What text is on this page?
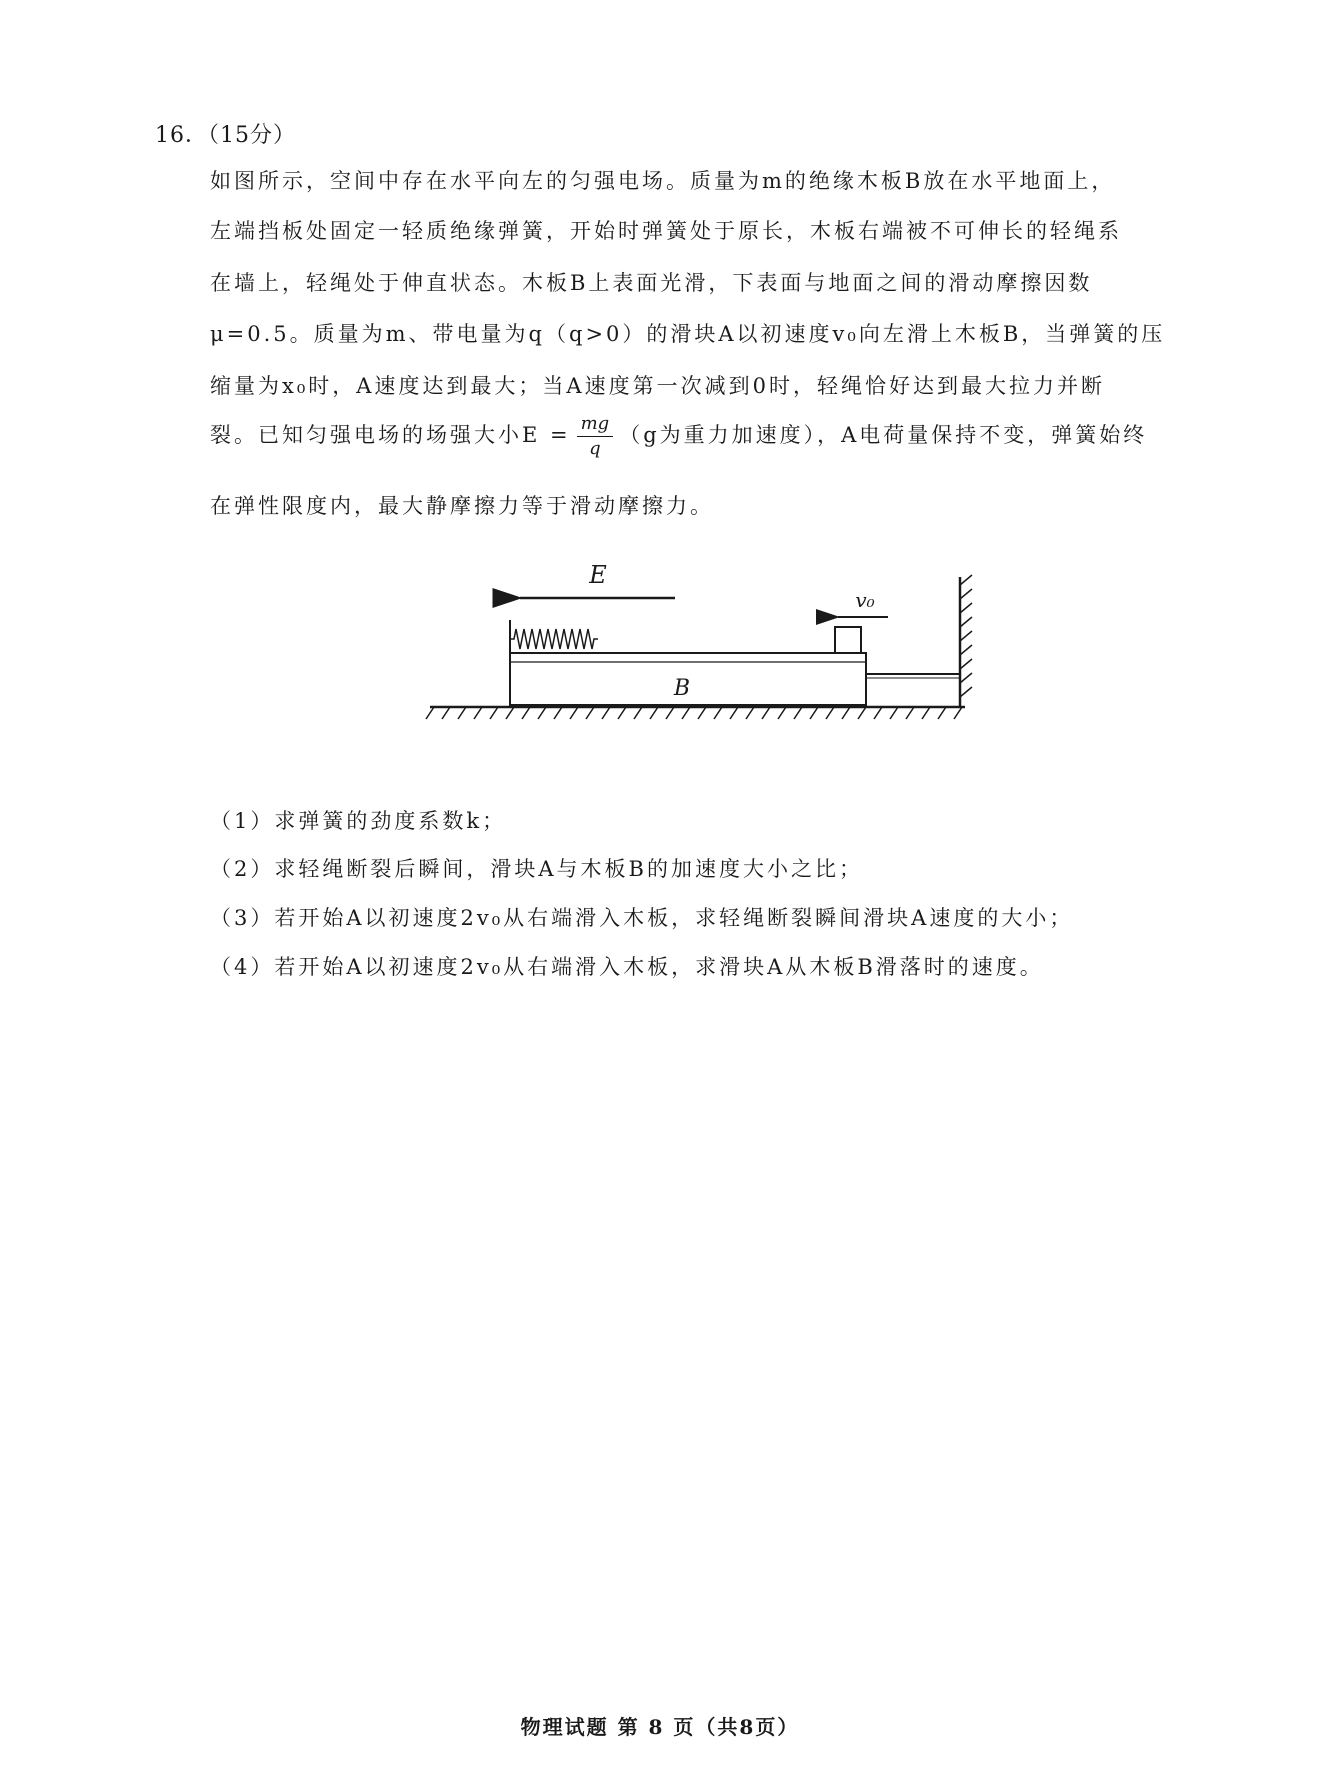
16．（15分）
如图所示，空间中存在水平向左的匀强电场。质量为m的绝缘木板B放在水平地面上，
左端挡板处固定一轻质绝缘弹簧，开始时弹簧处于原长，木板右端被不可伸长的轻绳系
在墙上，轻绳处于伸直状态。木板B上表面光滑，下表面与地面之间的滑动摩擦因数
μ=0.5。质量为m、带电量为q（q>0）的滑块A以初速度v₀向左滑上木板B，当弹簧的压
缩量为x₀时，A速度达到最大；当A速度第一次减到0时，轻绳恰好达到最大拉力并断
裂。已知匀强电场的场强大小$E = \frac{mg}{q} (g$为重力加速度），A电荷量保持不变，弹簧始终
在弹性限度内，最大静摩擦力等于滑动摩擦力。
E
B
v₀
（1）求弹簧的劲度系数k；
（2）求轻绳断裂后瞬间，滑块A与木板B的加速度大小之比；
（3）若开始A以初速度2v₀从右端滑入木板，求轻绳断裂瞬间滑块A速度的大小；
（4）若开始A以初速度2v₀从右端滑入木板，求滑块A从木板B滑落时的速度。
物理试题 第 8 页（共8页）
